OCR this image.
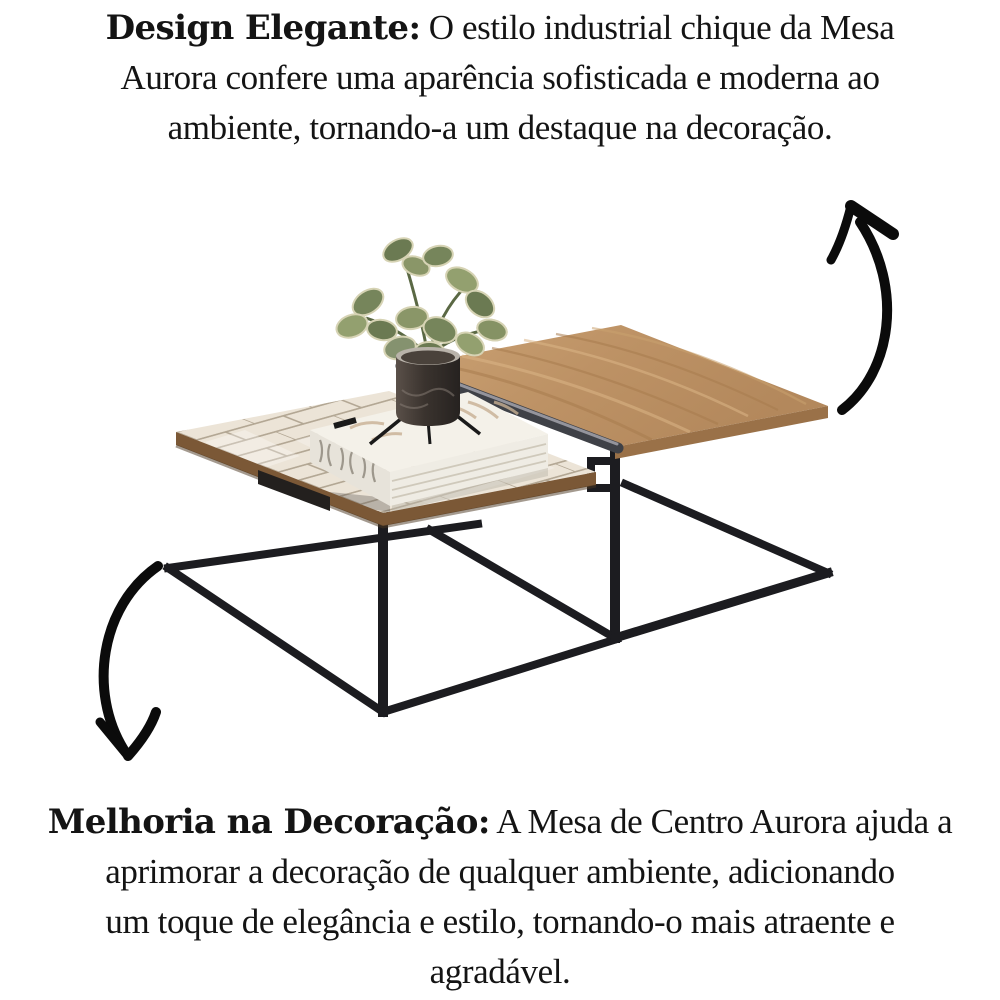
Design Elegante: O estilo industrial chique da Mesa
Aurora confere uma aparência sofisticada e moderna ao
ambiente, tornando-a um destaque na decoração.
Melhoria na Decoração: A Mesa de Centro Aurora ajuda a
aprimorar a decoração de qualquer ambiente, adicionando
um toque de elegância e estilo, tornando-o mais atraente e
agradável.
